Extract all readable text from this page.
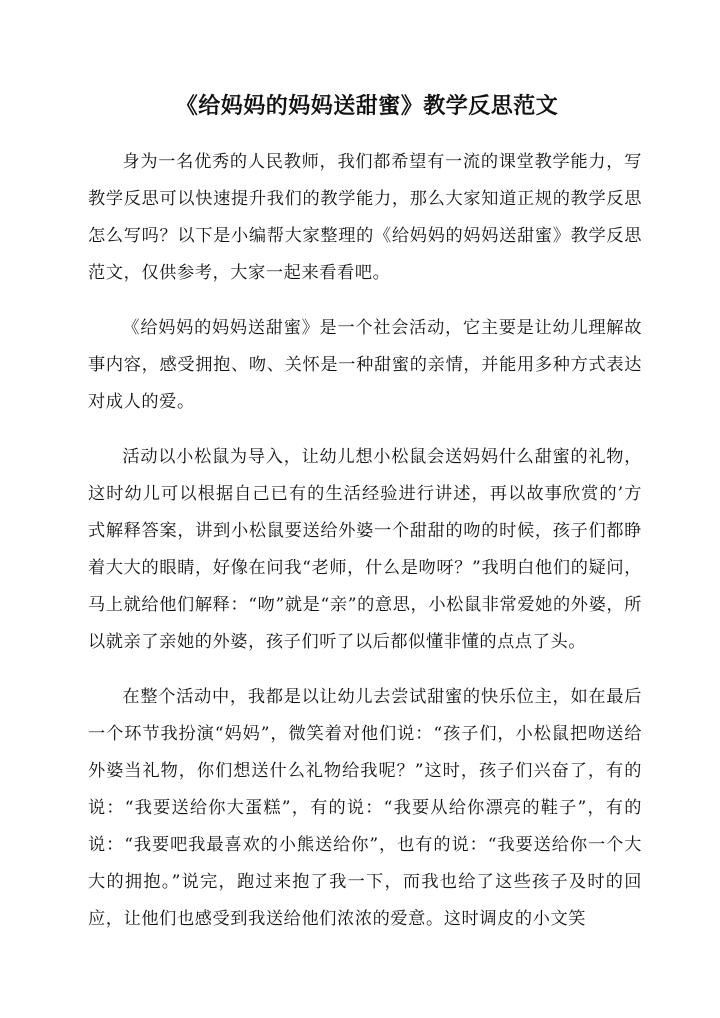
《给妈妈的妈妈送甜蜜》教学反思范文

身为一名优秀的人民教师，我们都希望有一流的课堂教学能力，写教学反思可以快速提升我们的教学能力，那么大家知道正规的教学反思怎么写吗？以下是小编帮大家整理的《给妈妈的妈妈送甜蜜》教学反思范文，仅供参考，大家一起来看看吧。

《给妈妈的妈妈送甜蜜》是一个社会活动，它主要是让幼儿理解故事内容，感受拥抱、吻、关怀是一种甜蜜的亲情，并能用多种方式表达对成人的爱。

活动以小松鼠为导入，让幼儿想小松鼠会送妈妈什么甜蜜的礼物，这时幼儿可以根据自己已有的生活经验进行讲述，再以故事欣赏的’方式解释答案，讲到小松鼠要送给外婆一个甜甜的吻的时候，孩子们都睁着大大的眼睛，好像在问我“老师，什么是吻呀？”我明白他们的疑问，马上就给他们解释：“吻”就是“亲”的意思，小松鼠非常爱她的外婆，所以就亲了亲她的外婆，孩子们听了以后都似懂非懂的点点了头。

在整个活动中，我都是以让幼儿去尝试甜蜜的快乐位主，如在最后一个环节我扮演“妈妈”，微笑着对他们说：“孩子们，小松鼠把吻送给外婆当礼物，你们想送什么礼物给我呢？”这时，孩子们兴奋了，有的说：“我要送给你大蛋糕”，有的说：“我要从给你漂亮的鞋子”，有的说：“我要吧我最喜欢的小熊送给你”，也有的说：“我要送给你一个大大的拥抱。”说完，跑过来抱了我一下，而我也给了这些孩子及时的回应，让他们也感受到我送给他们浓浓的爱意。这时调皮的小文笑
